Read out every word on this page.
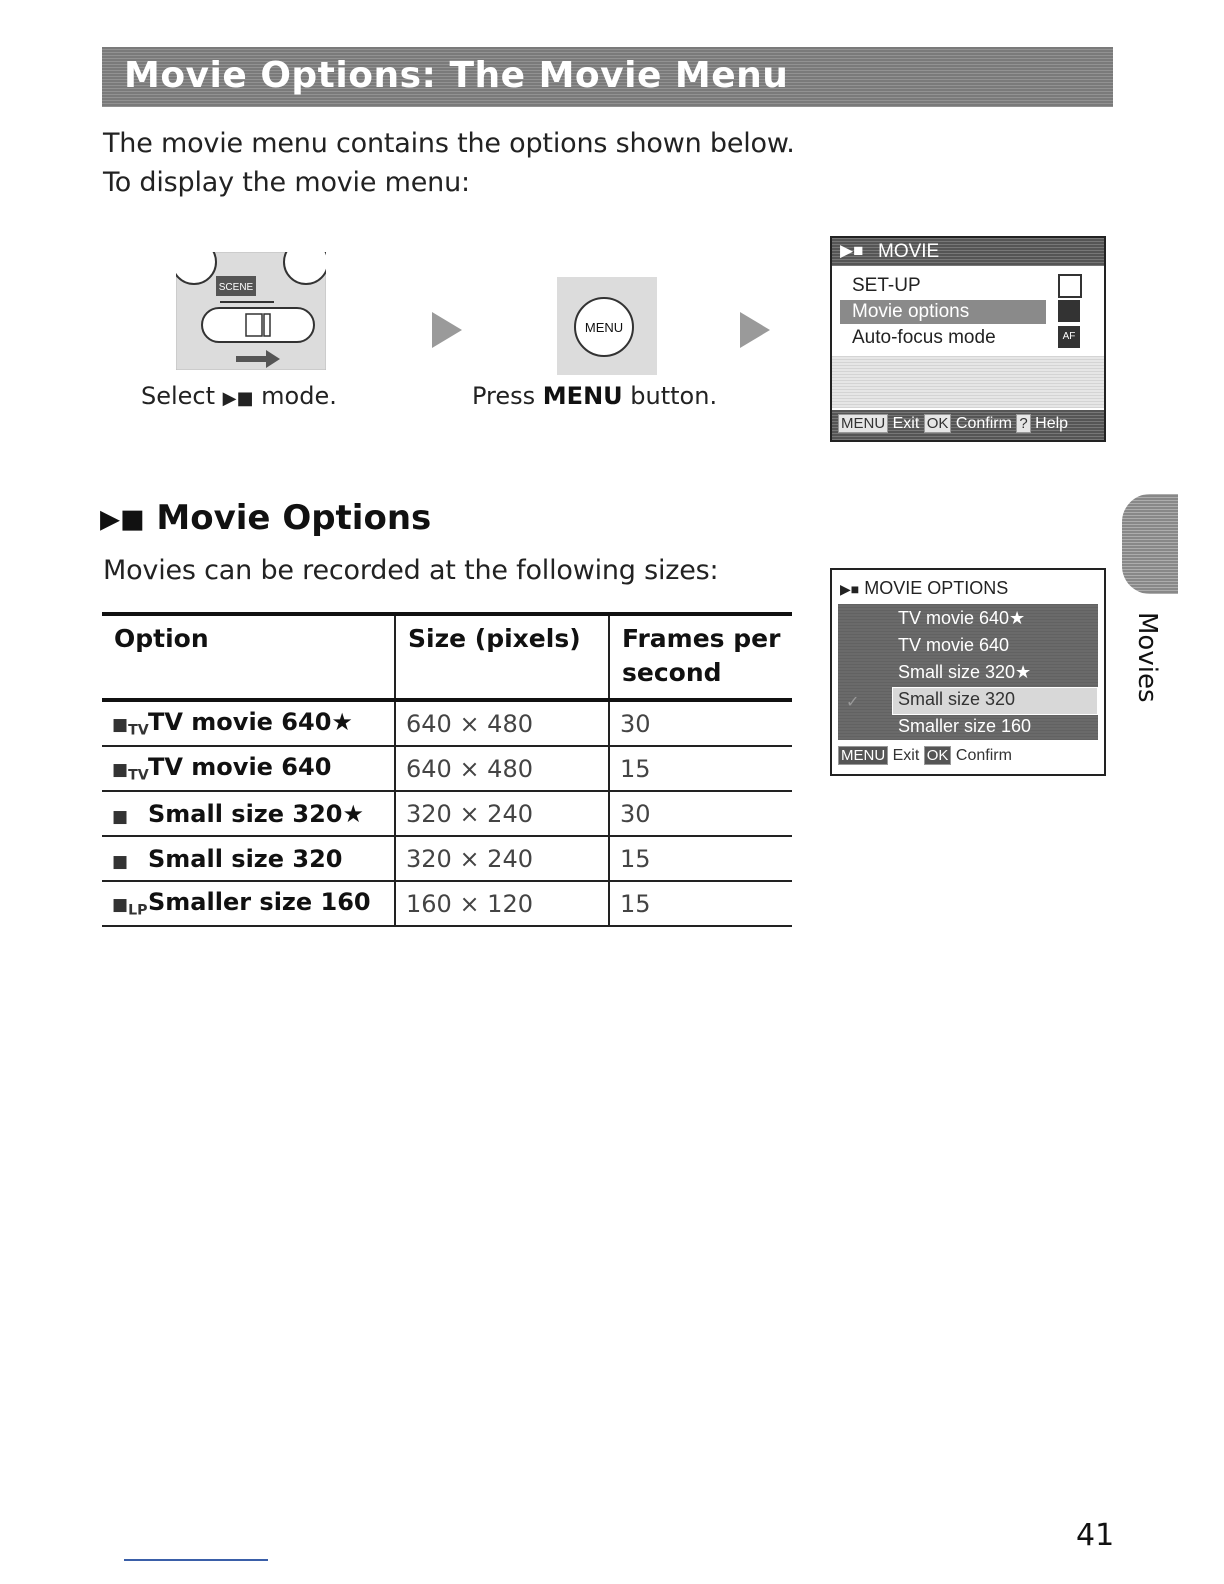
Movie Options: The Movie Menu
The movie menu contains the options shown below.
To display the movie menu:
SCENE
MENU
Select ▶■ mode.	Press MENU button.
▶■ MOVIE
SET-UP
Movie options
Auto-focus mode	AF
MENU Exit OK Confirm ? Help
▶■ Movie Options
Movies can be recorded at the following sizes:
Option	Size (pixels)	Frames per second
$■_{TV}TV$ movie 640★	640 × 480	30
$■_{TV}TV$ movie 640	640 × 480	15
■ Small size 320★	320 × 240	30
■ Small size 320	320 × 240	15
$■_{LP}Smaller$ size 160	160 × 120	15
▶■ MOVIE OPTIONS
TV movie 640★
TV movie 640
Small size 320★
Small size 320
Smaller size 160
✓
MENU Exit OK Confirm
Movies
41
